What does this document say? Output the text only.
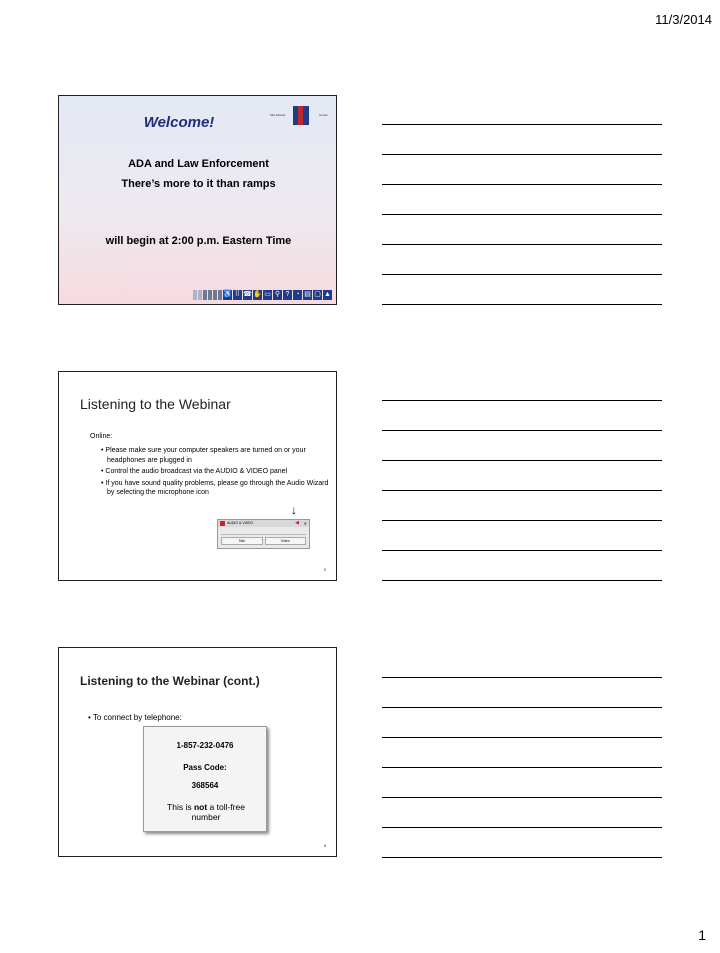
11/3/2014
Welcome!	Mid-Atlantic	Center
ADA and Law Enforcement
There’s more to it than ramps
will begin at 2:00 p.m. Eastern Time
♿ ⠿ ☎ ✋ ▭ ⚲ ? ◔ ▤ ▢ ▲
Listening to the Webinar
Online:
• Please make sure your computer speakers are turned on or your headphones are plugged in
• Control the audio broadcast via the AUDIO & VIDEO panel
• If you have sound quality problems, please go through the Audio Wizard by selecting the microphone icon
↓
AUDIO & VIDEO	◀ ✕
Talk	Video
2
Listening to the Webinar (cont.)
• To connect by telephone:
1-857-232-0476
Pass Code:
368564
This is not a toll-free number
3
1
